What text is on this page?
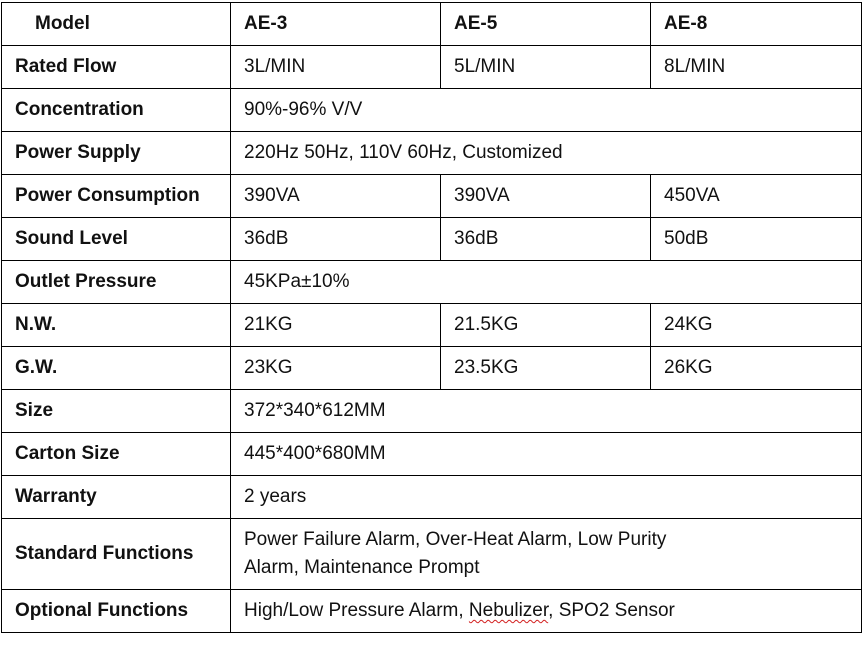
Model	AE-3	AE-5	AE-8
Rated Flow	3L/MIN	5L/MIN	8L/MIN
Concentration	90%-96% V/V		
Power Supply	220Hz 50Hz, 110V 60Hz, Customized		
Power Consumption	390VA	390VA	450VA
Sound Level	36dB	36dB	50dB
Outlet Pressure	45KPa±10%		
N.W.	21KG	21.5KG	24KG
G.W.	23KG	23.5KG	26KG
Size	372*340*612MM		
Carton Size	445*400*680MM		
Warranty	2 years		
Standard Functions	Power Failure Alarm, Over-Heat Alarm, Low Purity
Alarm, Maintenance Prompt		
Optional Functions	High/Low Pressure Alarm, Nebulizer, SPO2 Sensor		
